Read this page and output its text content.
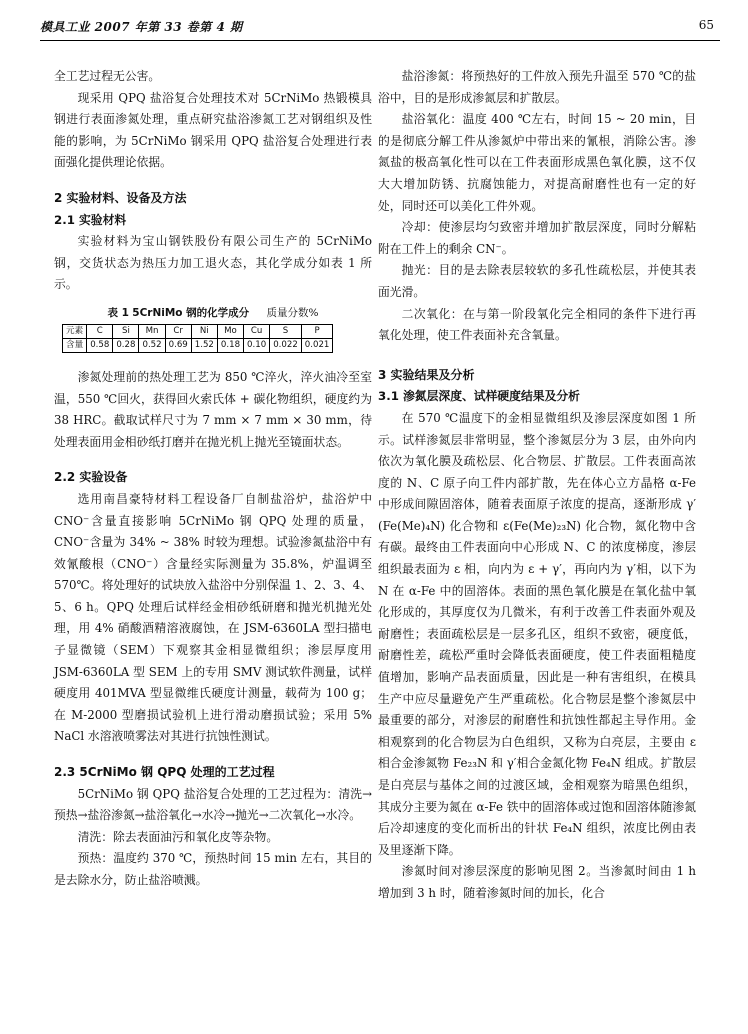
模具工业 2007 年第 33 卷第 4 期	65

全工艺过程无公害。

现采用 QPQ 盐浴复合处理技术对 5CrNiMo 热锻模具钢进行表面渗氮处理，重点研究盐浴渗氮工艺对钢组织及性能的影响，为 5CrNiMo 钢采用 QPQ 盐浴复合处理进行表面强化提供理论依据。

2 实验材料、设备及方法
2.1 实验材料

实验材料为宝山钢铁股份有限公司生产的 5CrNiMo 钢，交货状态为热压力加工退火态，其化学成分如表 1 所示。

表 1 5CrNiMo 钢的化学成分 质量分数%
元素	C	Si	Mn	Cr	Ni	Mo	Cu	S	P
含量	0.58	0.28	0.52	0.69	1.52	0.18	0.10	0.022	0.021

渗氮处理前的热处理工艺为 850 ℃淬火，淬火油冷至室温，550 ℃回火，获得回火索氏体 + 碳化物组织，硬度约为 38 HRC。截取试样尺寸为 7 mm × 7 mm × 30 mm，待处理表面用金相砂纸打磨并在抛光机上抛光至镜面状态。

2.2 实验设备

选用南昌豪特材料工程设备厂自制盐浴炉，盐浴炉中 CNO⁻含量直接影响 5CrNiMo 钢 QPQ 处理的质量，CNO⁻含量为 34% ~ 38% 时较为理想。试验渗氮盐浴中有效氰酸根（CNO⁻）含量经实际测量为 35.8%，炉温调至 570℃。将处理好的试块放入盐浴中分别保温 1、2、3、4、5、6 h。QPQ 处理后试样经金相砂纸研磨和抛光机抛光处理，用 4% 硝酸酒精溶液腐蚀，在 JSM-6360LA 型扫描电子显微镜（SEM）下观察其金相显微组织；渗层厚度用 JSM-6360LA 型 SEM 上的专用 SMV 测试软件测量，试样硬度用 401MVA 型显微维氏硬度计测量，载荷为 100 g；在 M-2000 型磨损试验机上进行滑动磨损试验；采用 5% NaCl 水溶液喷雾法对其进行抗蚀性测试。

2.3 5CrNiMo 钢 QPQ 处理的工艺过程

5CrNiMo 钢 QPQ 盐浴复合处理的工艺过程为：清洗→预热→盐浴渗氮→盐浴氧化→水冷→抛光→二次氧化→水冷。

清洗：除去表面油污和氧化皮等杂物。

预热：温度约 370 ℃，预热时间 15 min 左右，其目的是去除水分，防止盐浴喷溅。

盐浴渗氮：将预热好的工件放入预先升温至 570 ℃的盐浴中，目的是形成渗氮层和扩散层。

盐浴氧化：温度 400 ℃左右，时间 15 ~ 20 min，目的是彻底分解工件从渗氮炉中带出来的氰根，消除公害。渗氮盐的极高氧化性可以在工件表面形成黑色氧化膜，这不仅大大增加防锈、抗腐蚀能力，对提高耐磨性也有一定的好处，同时还可以美化工件外观。

冷却：使渗层均匀致密并增加扩散层深度，同时分解粘附在工件上的剩余 CN⁻。

抛光：目的是去除表层较软的多孔性疏松层，并使其表面光滑。

二次氧化：在与第一阶段氧化完全相同的条件下进行再氧化处理，使工件表面补充含氧量。

3 实验结果及分析
3.1 渗氮层深度、试样硬度结果及分析

在 570 ℃温度下的金相显微组织及渗层深度如图 1 所示。试样渗氮层非常明显，整个渗氮层分为 3 层，由外向内依次为氧化膜及疏松层、化合物层、扩散层。工件表面高浓度的 N、C 原子向工件内部扩散，先在体心立方晶格 α-Fe 中形成间隙固溶体，随着表面原子浓度的提高，逐渐形成 γ′(Fe(Me)₄N) 化合物和 ε(Fe(Me)₂₃N) 化合物，氮化物中含有碳。最终由工件表面向中心形成 N、C 的浓度梯度，渗层组织最表面为 ε 相，向内为 ε + γ′，再向内为 γ′相，以下为 N 在 α-Fe 中的固溶体。表面的黑色氧化膜是在氧化盐中氧化形成的，其厚度仅为几微米，有利于改善工件表面外观及耐磨性；表面疏松层是一层多孔区，组织不致密，硬度低，耐磨性差，疏松严重时会降低表面硬度，使工件表面粗糙度值增加，影响产品表面质量，因此是一种有害组织，在模具生产中应尽量避免产生严重疏松。化合物层是整个渗氮层中最重要的部分，对渗层的耐磨性和抗蚀性都起主导作用。金相观察到的化合物层为白色组织，又称为白亮层，主要由 ε 相合金渗氮物 Fe₂₃N 和 γ′相合金氮化物 Fe₄N 组成。扩散层是白亮层与基体之间的过渡区域，金相观察为暗黑色组织，其成分主要为氮在 α-Fe 铁中的固溶体或过饱和固溶体随渗氮后冷却速度的变化而析出的针状 Fe₄N 组织，浓度比例由表及里逐渐下降。

渗氮时间对渗层深度的影响见图 2。当渗氮时间由 1 h 增加到 3 h 时，随着渗氮时间的加长，化合
